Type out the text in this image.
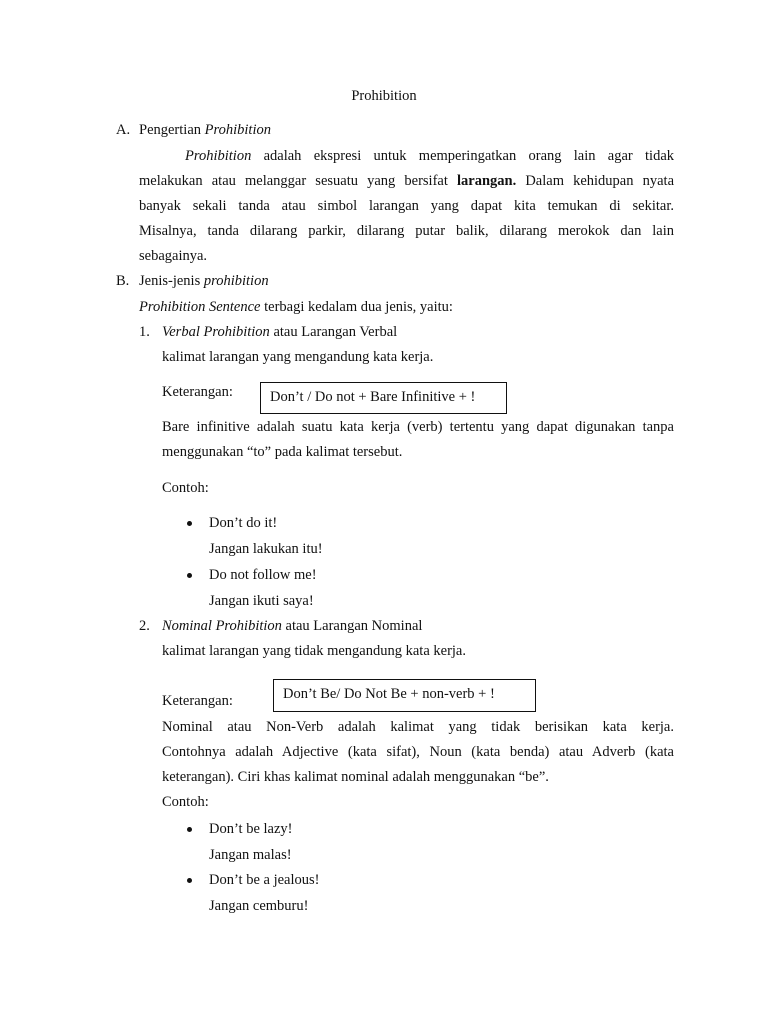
Prohibition
A. Pengertian Prohibition
Prohibition adalah ekspresi untuk memperingatkan orang lain agar tidak
melakukan atau melanggar sesuatu yang bersifat larangan. Dalam kehidupan nyata
banyak sekali tanda atau simbol larangan yang dapat kita temukan di sekitar.
Misalnya, tanda dilarang parkir, dilarang putar balik, dilarang merokok dan lain
sebagainya.
B. Jenis-jenis prohibition
Prohibition Sentence terbagi kedalam dua jenis, yaitu:
1. Verbal Prohibition atau Larangan Verbal
kalimat larangan yang mengandung kata kerja.
Keterangan:	Don’t / Do not + Bare Infinitive + !
Bare infinitive adalah suatu kata kerja (verb) tertentu yang dapat digunakan tanpa
menggunakan “to” pada kalimat tersebut.
Contoh:
Don’t do it!
Jangan lakukan itu!
Do not follow me!
Jangan ikuti saya!
2. Nominal Prohibition atau Larangan Nominal
kalimat larangan yang tidak mengandung kata kerja.
Keterangan:	Don’t Be/ Do Not Be + non-verb + !
Nominal atau Non-Verb adalah kalimat yang tidak berisikan kata kerja.
Contohnya adalah Adjective (kata sifat), Noun (kata benda) atau Adverb (kata
keterangan). Ciri khas kalimat nominal adalah menggunakan “be”.
Contoh:
Don’t be lazy!
Jangan malas!
Don’t be a jealous!
Jangan cemburu!
